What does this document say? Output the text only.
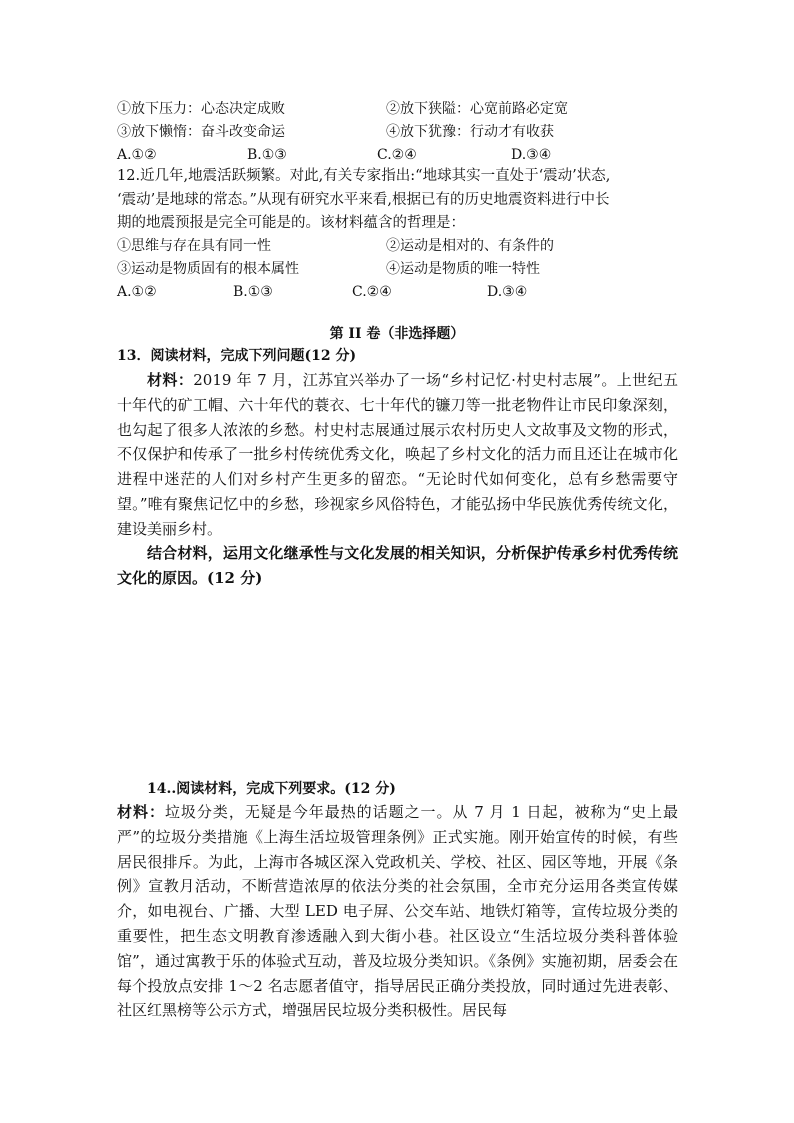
①放下压力：心态决定成败	②放下狭隘：心宽前路必定宽
③放下懒惰：奋斗改变命运	④放下犹豫：行动才有收获
A.①②	B.①③	C.②④	D.③④
12.近几年,地震活跃频繁。对此,有关专家指出:“地球其实一直处于‘震动’状态,
‘震动’是地球的常态。”从现有研究水平来看,根据已有的历史地震资料进行中长
期的地震预报是完全可能是的。该材料蕴含的哲理是：
①思维与存在具有同一性	②运动是相对的、有条件的
③运动是物质固有的根本属性	④运动是物质的唯一特性
A.①②	B.①③	C.②④	D.③④
第 II 卷（非选择题）
13．阅读材料，完成下列问题(12 分)
材料：2019 年 7 月，江苏宜兴举办了一场“乡村记忆·村史村志展”。上世纪五十年代的矿工帽、六十年代的蓑衣、七十年代的镰刀等一批老物件让市民印象深刻，也勾起了很多人浓浓的乡愁。村史村志展通过展示农村历史人文故事及文物的形式，不仅保护和传承了一批乡村传统优秀文化，唤起了乡村文化的活力而且还让在城市化进程中迷茫的人们对乡村产生更多的留恋。“无论时代如何变化，总有乡愁需要守望。”唯有聚焦记忆中的乡愁，珍视家乡风俗特色，才能弘扬中华民族优秀传统文化，建设美丽乡村。
结合材料，运用文化继承性与文化发展的相关知识，分析保护传承乡村优秀传统文化的原因。(12 分)
14..阅读材料，完成下列要求。(12 分)
材料：垃圾分类，无疑是今年最热的话题之一。从 7 月 1 日起，被称为“史上最严”的垃圾分类措施《上海生活垃圾管理条例》正式实施。刚开始宣传的时候，有些居民很排斥。为此，上海市各城区深入党政机关、学校、社区、园区等地，开展《条例》宣教月活动，不断营造浓厚的依法分类的社会氛围，全市充分运用各类宣传媒介，如电视台、广播、大型 LED 电子屏、公交车站、地铁灯箱等，宣传垃圾分类的重要性，把生态文明教育渗透融入到大街小巷。社区设立“生活垃圾分类科普体验馆”，通过寓教于乐的体验式互动，普及垃圾分类知识。《条例》实施初期，居委会在每个投放点安排 1～2 名志愿者值守，指导居民正确分类投放，同时通过先进表彰、社区红黑榜等公示方式，增强居民垃圾分类积极性。居民每
